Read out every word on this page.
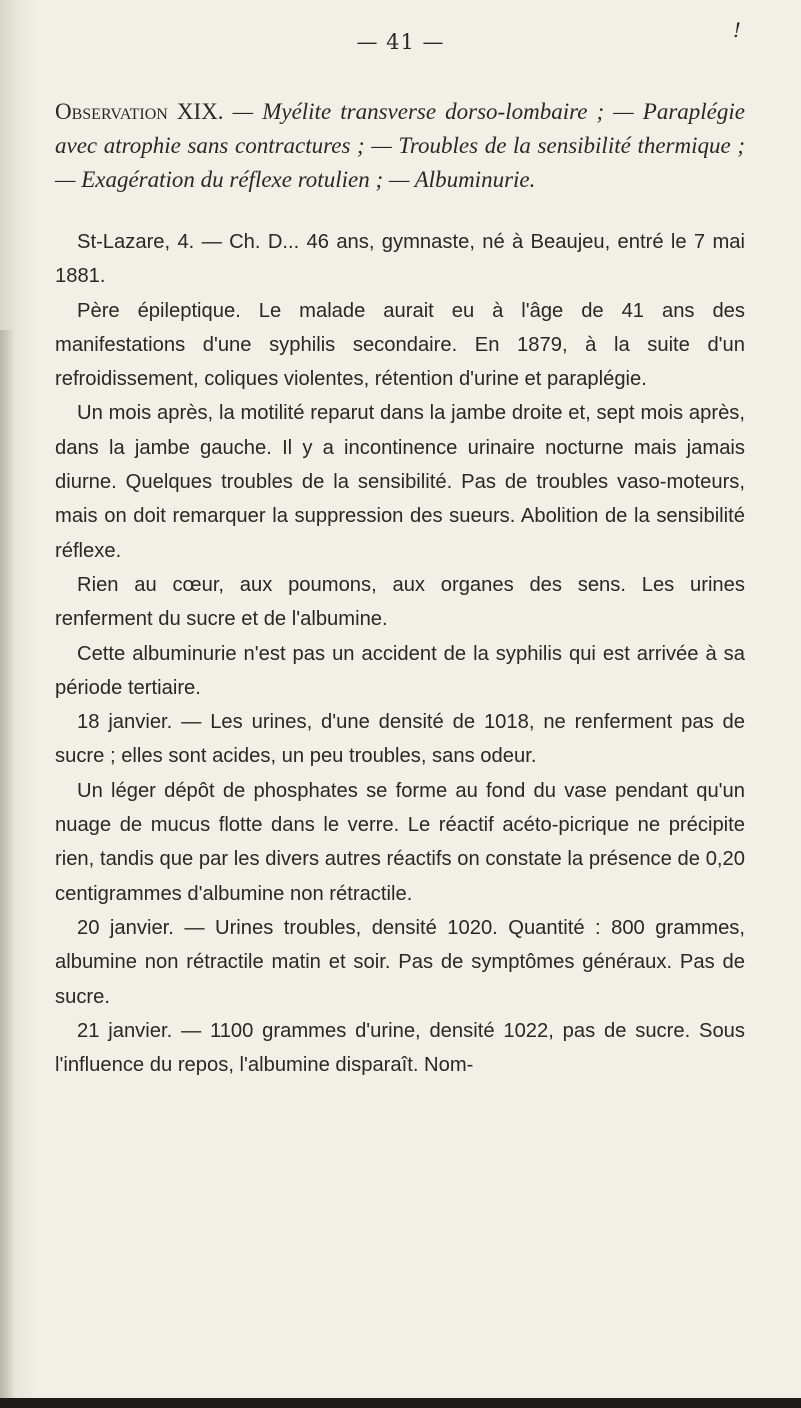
!
— 41 —
Observation XIX. — Myélite transverse dorso-lombaire ; — Paraplégie avec atrophie sans contractures ; — Troubles de la sensibilité thermique ; — Exagération du réflexe rotulien ; — Albuminurie.

St-Lazare, 4. — Ch. D... 46 ans, gymnaste, né à Beaujeu, entré le 7 mai 1881.

Père épileptique. Le malade aurait eu à l'âge de 41 ans des manifestations d'une syphilis secondaire. En 1879, à la suite d'un refroidissement, coliques violentes, rétention d'urine et paraplégie.

Un mois après, la motilité reparut dans la jambe droite et, sept mois après, dans la jambe gauche. Il y a incontinence urinaire nocturne mais jamais diurne. Quelques troubles de la sensibilité. Pas de troubles vaso-moteurs, mais on doit remarquer la suppression des sueurs. Abolition de la sensibilité réflexe.

Rien au cœur, aux poumons, aux organes des sens. Les urines renferment du sucre et de l'albumine.

Cette albuminurie n'est pas un accident de la syphilis qui est arrivée à sa période tertiaire.

18 janvier. — Les urines, d'une densité de 1018, ne renferment pas de sucre ; elles sont acides, un peu troubles, sans odeur.

Un léger dépôt de phosphates se forme au fond du vase pendant qu'un nuage de mucus flotte dans le verre. Le réactif acéto-picrique ne précipite rien, tandis que par les divers autres réactifs on constate la présence de 0,20 centigrammes d'albumine non rétractile.

20 janvier. — Urines troubles, densité 1020. Quantité : 800 grammes, albumine non rétractile matin et soir. Pas de symptômes généraux. Pas de sucre.

21 janvier. — 1100 grammes d'urine, densité 1022, pas de sucre. Sous l'influence du repos, l'albumine disparaît. Nom-
